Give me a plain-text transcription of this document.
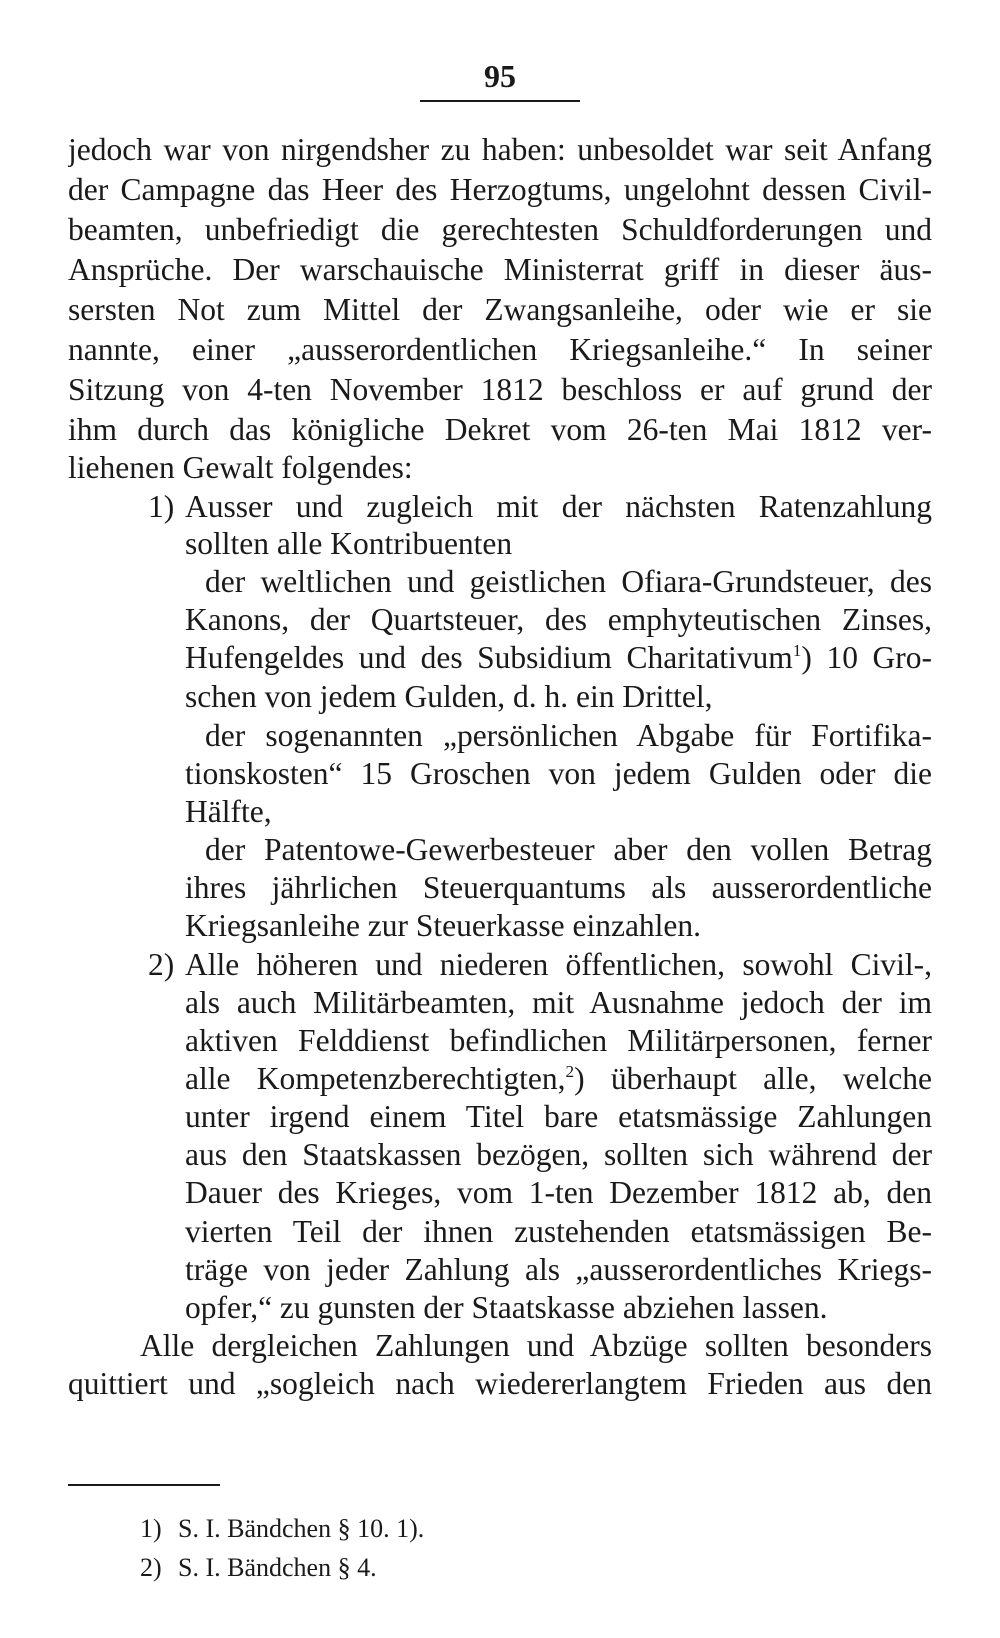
95
jedoch war von nirgendsher zu haben: unbesoldet war seit Anfang
der Campagne das Heer des Herzogtums, ungelohnt dessen Civil-
beamten, unbefriedigt die gerechtesten Schuldforderungen und
Ansprüche. Der warschauische Ministerrat griff in dieser äus-
sersten Not zum Mittel der Zwangsanleihe, oder wie er sie
nannte, einer „ausserordentlichen Kriegsanleihe.“ In seiner
Sitzung von 4-ten November 1812 beschloss er auf grund der
ihm durch das königliche Dekret vom 26-ten Mai 1812 ver-
liehenen Gewalt folgendes:
1) Ausser und zugleich mit der nächsten Ratenzahlung
sollten alle Kontribuenten
der weltlichen und geistlichen Ofiara-Grundsteuer, des
Kanons, der Quartsteuer, des emphyteutischen Zinses,
Hufengeldes und des Subsidium Charitativum$^1$) 10 Gro-
schen von jedem Gulden, d. h. ein Drittel,
der sogenannten „persönlichen Abgabe für Fortifika-
tionskosten“ 15 Groschen von jedem Gulden oder die
Hälfte,
der Patentowe-Gewerbesteuer aber den vollen Betrag
ihres jährlichen Steuerquantums als ausserordentliche
Kriegsanleihe zur Steuerkasse einzahlen.
2) Alle höheren und niederen öffentlichen, sowohl Civil-,
als auch Militärbeamten, mit Ausnahme jedoch der im
aktiven Felddienst befindlichen Militärpersonen, ferner
alle Kompetenzberechtigten,$^2$) überhaupt alle, welche
unter irgend einem Titel bare etatsmässige Zahlungen
aus den Staatskassen bezögen, sollten sich während der
Dauer des Krieges, vom 1-ten Dezember 1812 ab, den
vierten Teil der ihnen zustehenden etatsmässigen Be-
träge von jeder Zahlung als „ausserordentliches Kriegs-
opfer,“ zu gunsten der Staatskasse abziehen lassen.
Alle dergleichen Zahlungen und Abzüge sollten besonders
quittiert und „sogleich nach wiedererlangtem Frieden aus den
1) S. I. Bändchen § 10. 1).
2) S. I. Bändchen § 4.
